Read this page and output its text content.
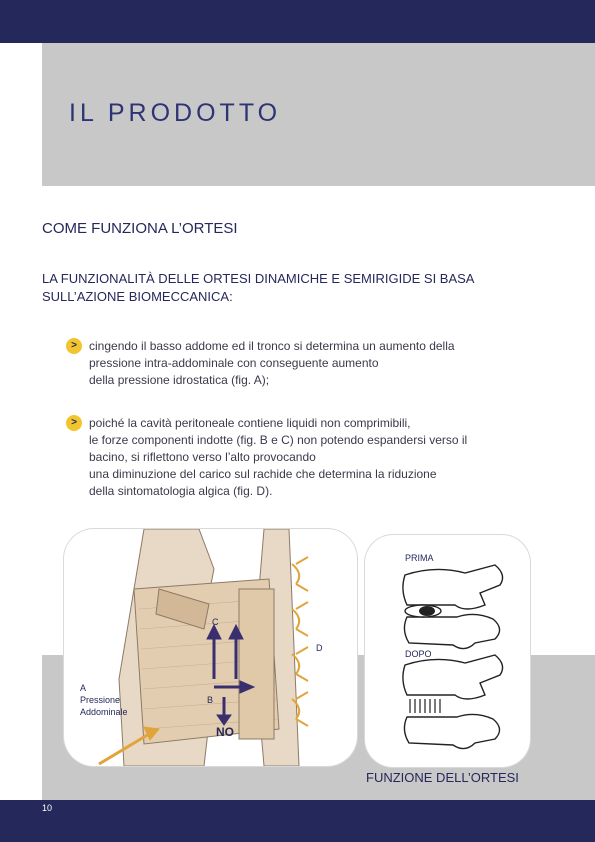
IL PRODOTTO
COME FUNZIONA L’ORTESI

LA FUNZIONALITÀ DELLE ORTESI DINAMICHE E SEMIRIGIDE SI BASA
SULL’AZIONE BIOMECCANICA:

>	cingendo il basso addome ed il tronco si determina un aumento della
pressione intra-addominale con conseguente aumento
della pressione idrostatica (fig. A);

>	poiché la cavità peritoneale contiene liquidi non comprimibili,
le forze componenti indotte (fig. B e C) non potendo espandersi verso il
bacino, si riflettono verso l’alto provocando
una diminuzione del carico sul rachide che determina la riduzione
della sintomatologia algica (fig. D).

C
D
B
A
Pressione
Addominale
NO
PRIMA
DOPO

FUNZIONE DELL’ORTESI

10
